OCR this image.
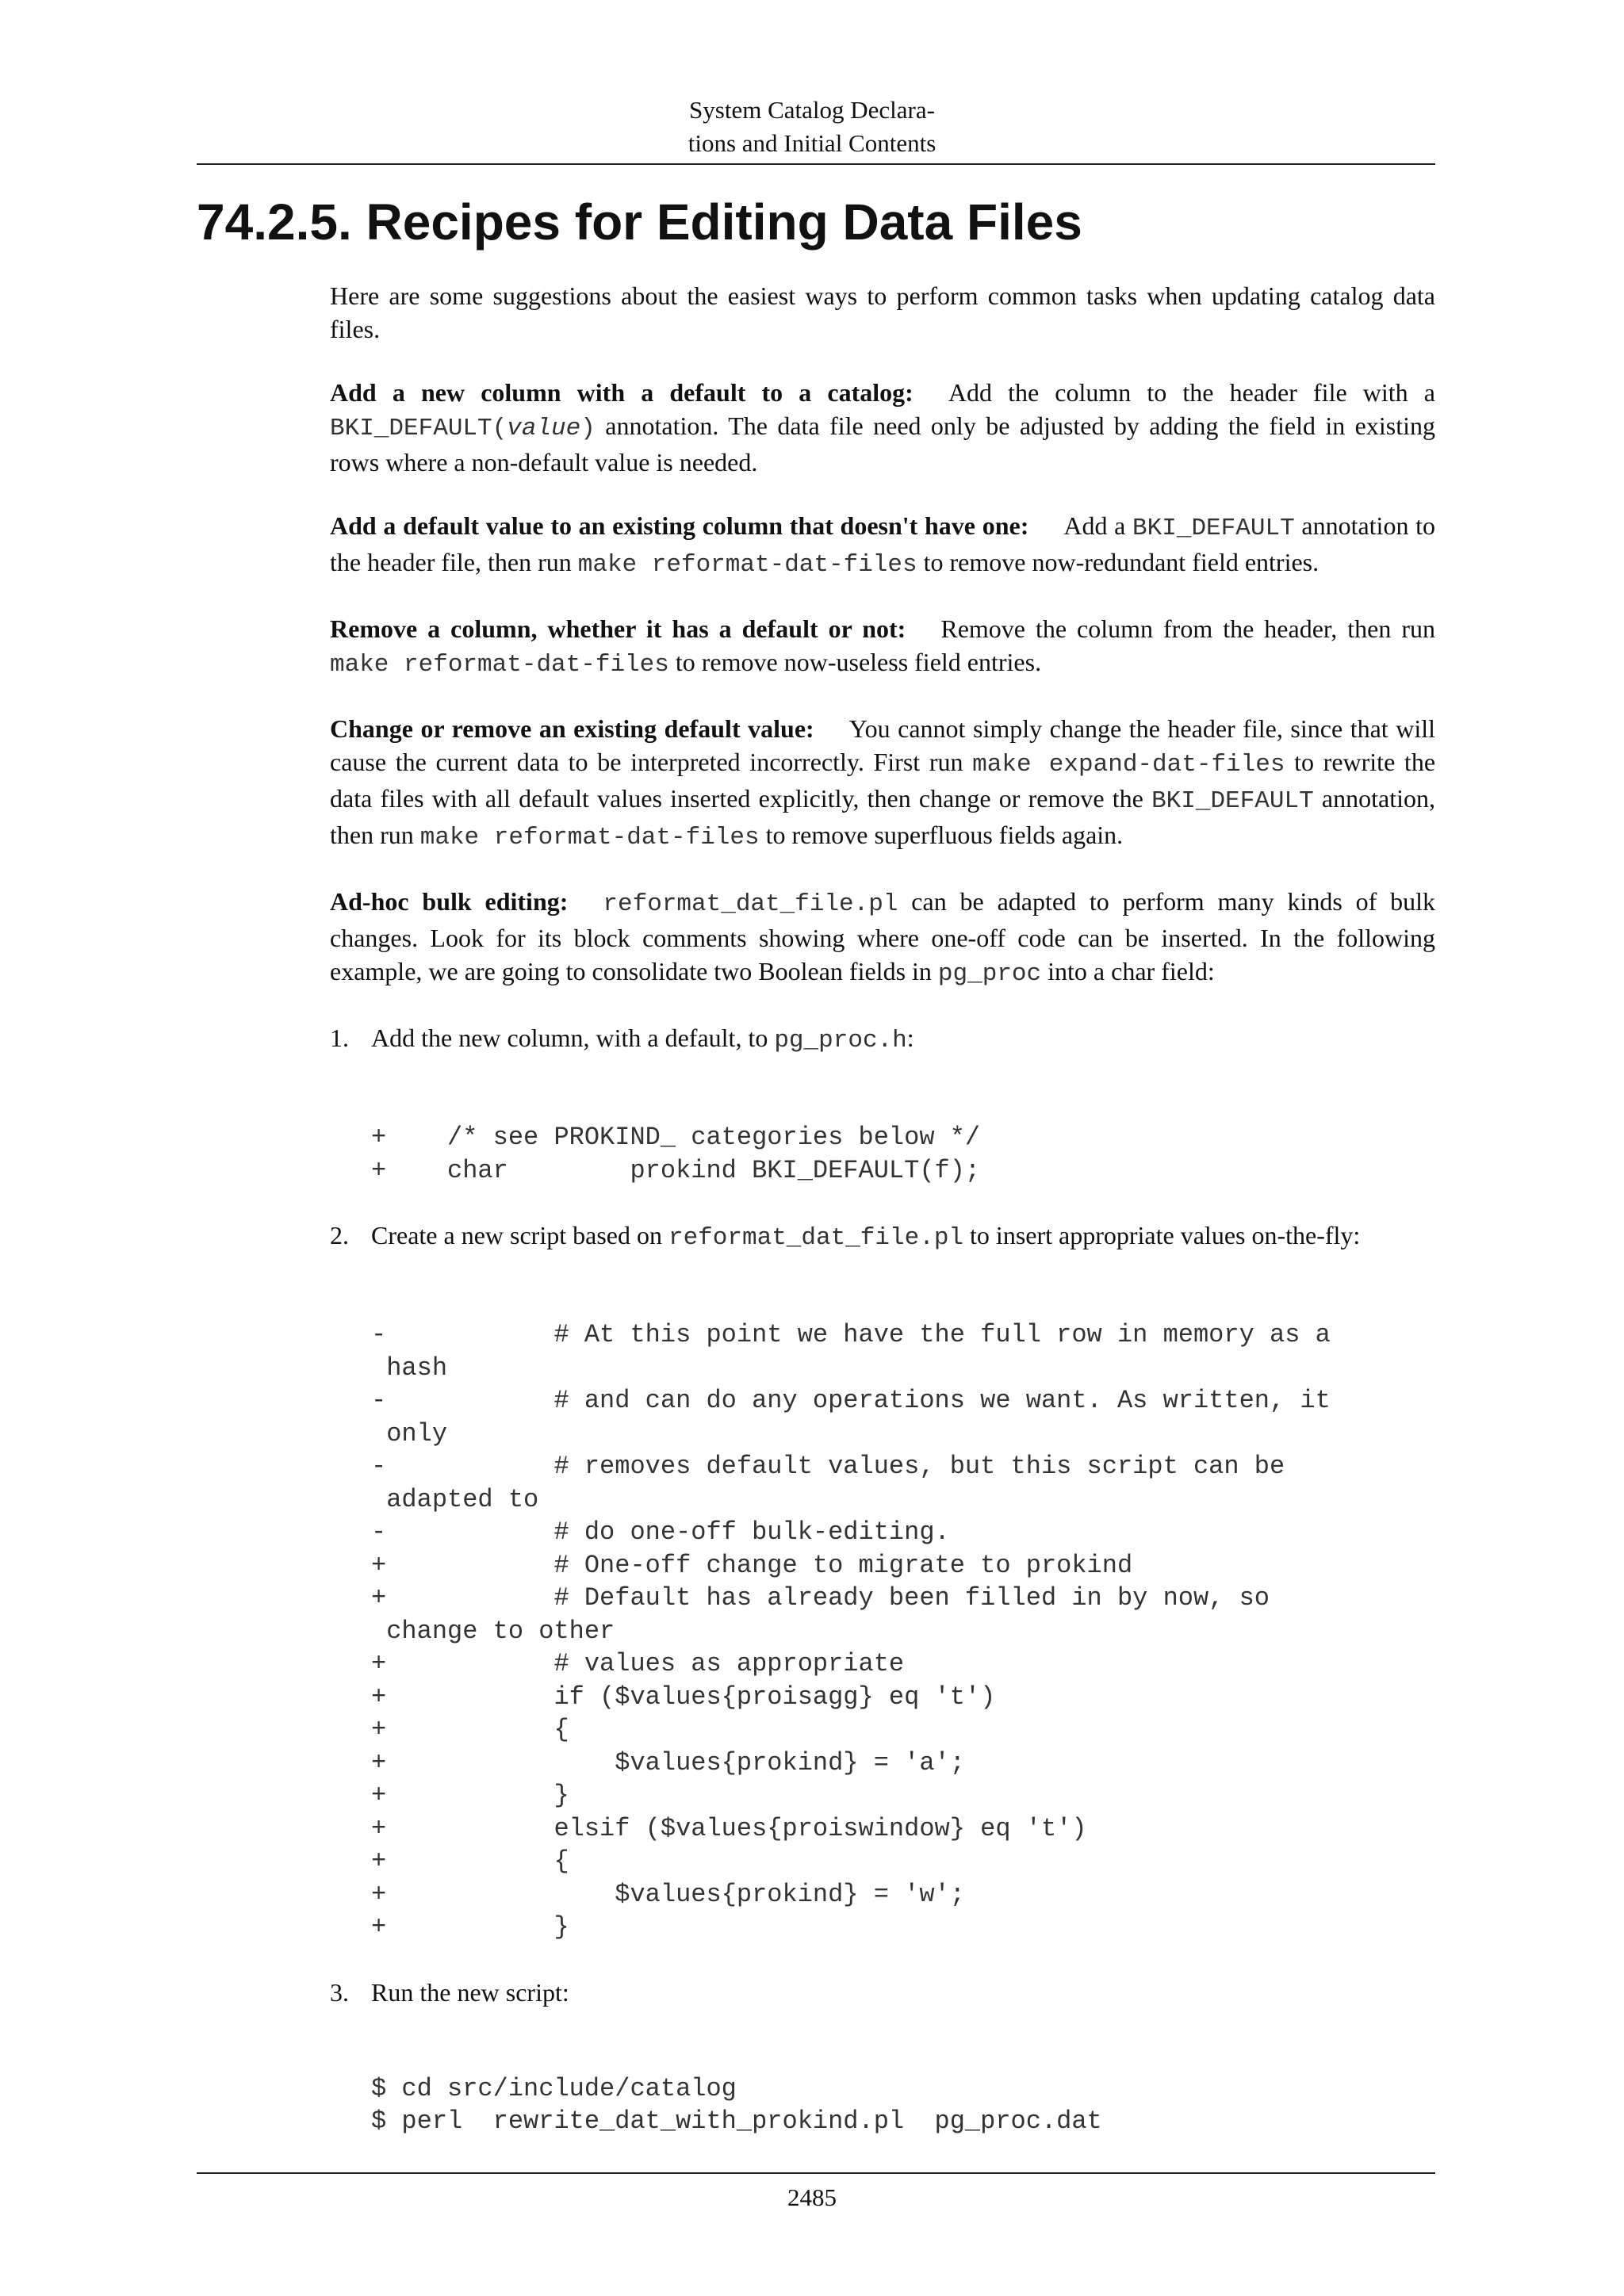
System Catalog Declara-
tions and Initial Contents
74.2.5. Recipes for Editing Data Files

Here are some suggestions about the easiest ways to perform common tasks when updating catalog data files.

Add a new column with a default to a catalog: Add the column to the header file with a BKI_DEFAULT(value) annotation. The data file need only be adjusted by adding the field in existing rows where a non-default value is needed.

Add a default value to an existing column that doesn't have one: Add a BKI_DEFAULT annotation to the header file, then run make reformat-dat-files to remove now-redundant field entries.

Remove a column, whether it has a default or not: Remove the column from the header, then run make reformat-dat-files to remove now-useless field entries.

Change or remove an existing default value: You cannot simply change the header file, since that will cause the current data to be interpreted incorrectly. First run make expand-dat-files to rewrite the data files with all default values inserted explicitly, then change or remove the BKI_DEFAULT annotation, then run make reformat-dat-files to remove superfluous fields again.

Ad-hoc bulk editing: reformat_dat_file.pl can be adapted to perform many kinds of bulk changes. Look for its block comments showing where one-off code can be inserted. In the following example, we are going to consolidate two Boolean fields in pg_proc into a char field:

1. Add the new column, with a default, to pg_proc.h:

+    /* see PROKIND_ categories below */
+    char        prokind BKI_DEFAULT(f);
2. Create a new script based on reformat_dat_file.pl to insert appropriate values on-the-fly:

-           # At this point we have the full row in memory as a
hash
-           # and can do any operations we want. As written, it
only
-           # removes default values, but this script can be
adapted to
-           # do one-off bulk-editing.
+           # One-off change to migrate to prokind
+           # Default has already been filled in by now, so
change to other
+           # values as appropriate
+           if ($values{proisagg} eq 't')
+           {
+               $values{prokind} = 'a';
+           }
+           elsif ($values{proiswindow} eq 't')
+           {
+               $values{prokind} = 'w';
+           }
3. Run the new script:

$ cd src/include/catalog
$ perl  rewrite_dat_with_prokind.pl  pg_proc.dat
2485
